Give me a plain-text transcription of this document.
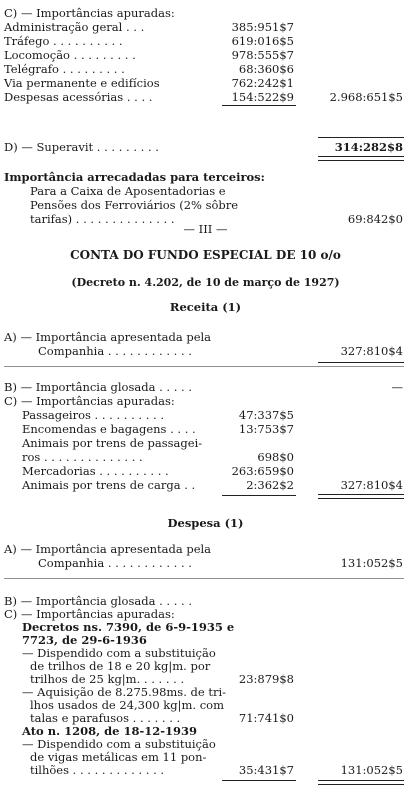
C) — Importâncias apuradas:
Administração geral . . .	385:951$7
Tráfego . . . . . . . . . .	619:016$5
Locomoção . . . . . . . . .	978:555$7
Telégrafo . . . . . . . . .	68:360$6
Via permanente e edifícios	762:242$1
Despesas acessórias . . . .	154:522$9	2.968:651$5
D) — Superavit . . . . . . . . .	314:282$8
Importância arrecadadas para terceiros:
Para a Caixa de Aposentadorias e
Pensões dos Ferroviários (2% sôbre
tarifas) . . . . . . . . . . . . . .	69:842$0
— III —
CONTA DO FUNDO ESPECIAL DE 10 o/o
(Decreto n. 4.202, de 10 de março de 1927)
Receita (1)
A) — Importância apresentada pela
Companhia . . . . . . . . . . . .	327:810$4
B) — Importância glosada . . . . .	—
C) — Importâncias apuradas:
Passageiros . . . . . . . . . .	47:337$5
Encomendas e bagagens . . . .	13:753$7
Animais por trens de passagei-
ros . . . . . . . . . . . . . .	698$0
Mercadorias . . . . . . . . . .	263:659$0
Animais por trens de carga . .	2:362$2	327:810$4
Despesa (1)
A) — Importância apresentada pela
Companhia . . . . . . . . . . . .	131:052$5
B) — Importância glosada . . . . .
C) — Importâncias apuradas:
Decretos ns. 7390, de 6-9-1935 e
7723, de 29-6-1936
— Dispendido com a substituição
de trilhos de 18 e 20 kg|m. por
trilhos de 25 kg|m. . . . . . .	23:879$8
— Aquisição de 8.275.98ms. de tri-
lhos usados de 24,300 kg|m. com
talas e parafusos . . . . . . .	71:741$0
Ato n. 1208, de 18-12-1939
— Dispendido com a substituição
de vigas metálicas em 11 pon-
tilhões . . . . . . . . . . . . .	35:431$7	131:052$5
